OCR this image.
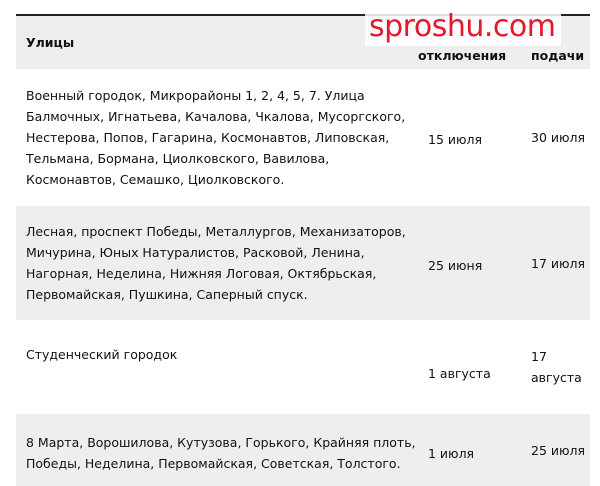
Улицы	отключения	подачи
Военный городок, Микрорайоны 1, 2, 4, 5, 7. Улица Балмочных, Игнатьева, Качалова, Чкалова, Мусоргского, Нестерова, Попов, Гагарина, Космонавтов, Липовская, Тельмана, Бормана, Циолковского, Вавилова, Космонавтов, Семашко, Циолковского.	15 июля	30 июля
Лесная, проспект Победы, Металлургов, Механизаторов, Мичурина, Юных Натуралистов, Расковой, Ленина, Нагорная, Неделина, Нижняя Логовая, Октябрьская, Первомайская, Пушкина, Саперный спуск.	25 июня	17 июля
Студенческий городок	1 августа	17 августа
8 Марта, Ворошилова, Кутузова, Горького, Крайняя плоть, Победы, Неделина, Первомайская, Советская, Толстого.	1 июля	25 июля
sproshu.com
